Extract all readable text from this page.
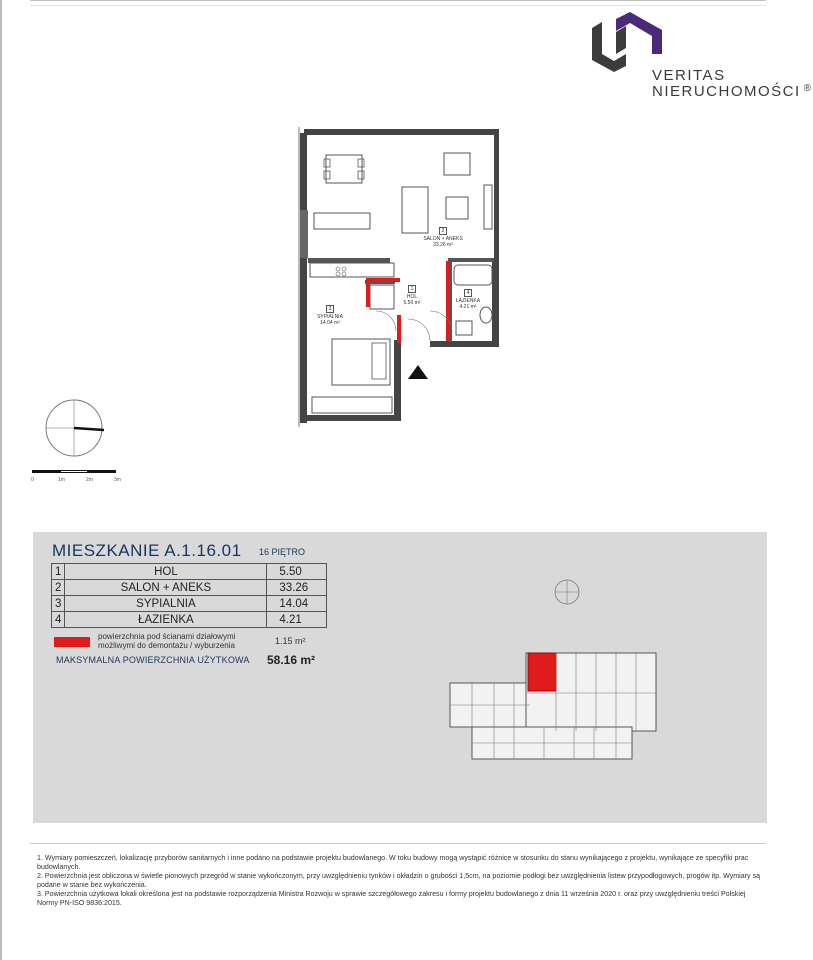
VERITAS
NIERUCHOMOŚCI ®
2
SALON + ANEKS
33.26 m²
1
HOL
5.50 m²
3
SYPIALNIA
14.04 m²
4
ŁAZIENKA
4.21 m²
0	1m	2m	3m
MIESZKANIE A.1.16.01 16 PIĘTRO
1	HOL	5.50
2	SALON + ANEKS	33.26
3	SYPIALNIA	14.04
4	ŁAZIENKA	4.21
powierzchnia pod ścianami działowymi
możliwymi do demontażu / wyburzenia	1.15 m²
MAKSYMALNA POWIERZCHNIA UŻYTKOWA 58.16 m²

1. Wymiary pomieszczeń, lokalizację przyborów sanitarnych i inne podano na podstawie projektu budowlanego. W toku budowy mogą wystąpić różnice w stosunku do stanu wynikającego z projektu, wynikające ze specyfiki prac budowlanych.

2. Powierzchnia jest obliczona w świetle pionowych przegród w stanie wykończonym, przy uwzględnieniu tynków i okładzin o grubości 1,5cm, na poziomie podłogi bez uwzględnienia listew przypodłogowych, progów itp. Wymiary są podane w stanie bez wykończenia.

3. Powierzchnia użytkowa lokali określona jest na podstawie rozporządzenia Ministra Rozwoju w sprawie szczegółowego zakresu i formy projektu budowlanego z dnia 11 września 2020 r. oraz przy uwzględnieniu treści Polskiej Normy PN-ISO 9836:2015.
